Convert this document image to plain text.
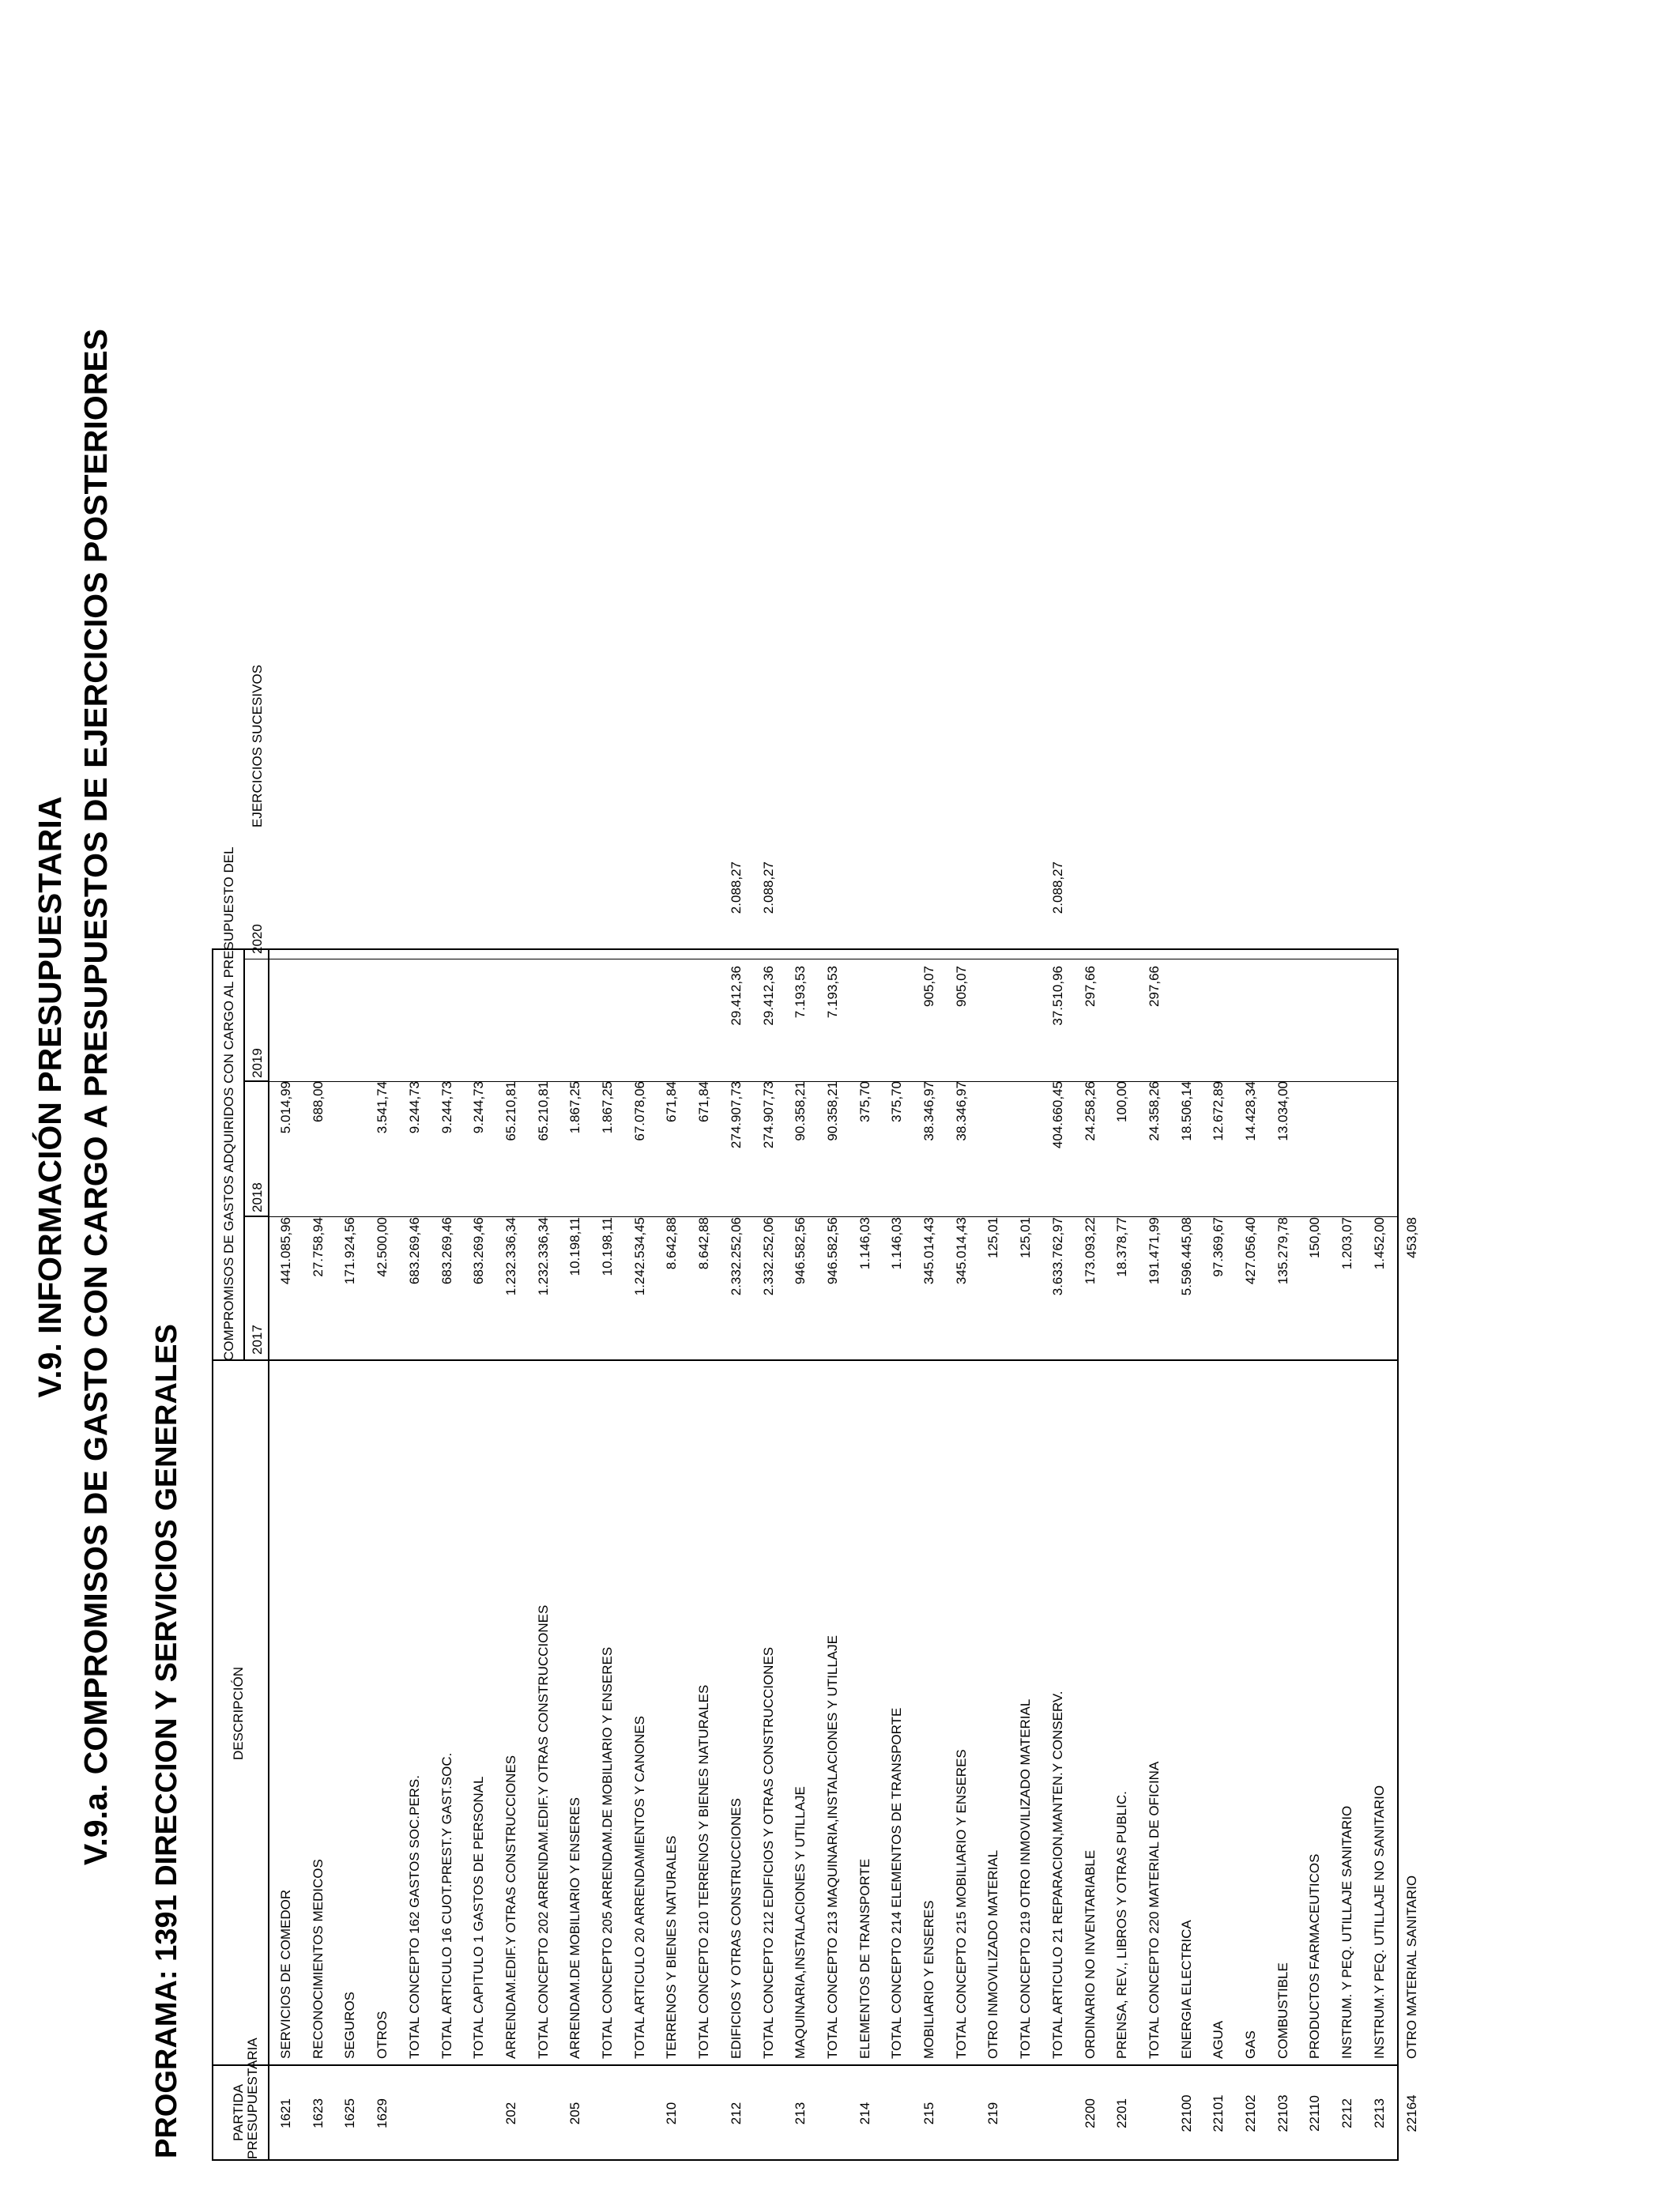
V.9. INFORMACIÓN PRESUPUESTARIA V.9.a. COMPROMISOS DE GASTO CON CARGO A PRESUPUESTOS DE EJERCICIOS POSTERIORES PROGRAMA: 1391 DIRECCION Y SERVICIOS GENERALES	PARTIDA PRESUPUESTARIA
DESCRIPCIÓN
COMPROMISOS DE GASTOS ADQUIRIDOS CON CARGO AL PRESUPUESTO DEL 2017
2018
2019
2020
EJERCICIOS SUCESIVOS
1621
SERVICIOS DE COMEDOR
441.085,96
5.014,99
1623
RECONOCIMIENTOS MEDICOS
27.758,94
688,00
1625
SEGUROS
171.924,56
1629
OTROS
42.500,00
3.541,74
TOTAL CONCEPTO 162 GASTOS SOC.PERS.
683.269,46
9.244,73
TOTAL ARTICULO 16 CUOT.PREST.Y GAST.SOC.
683.269,46
9.244,73
TOTAL CAPITULO 1 GASTOS DE PERSONAL
683.269,46
9.244,73
202
ARRENDAM.EDIF.Y OTRAS CONSTRUCCIONES
1.232.336,34
65.210,81
TOTAL CONCEPTO 202 ARRENDAM.EDIF.Y OTRAS CONSTRUCCIONES
1.232.336,34
65.210,81
205
ARRENDAM.DE MOBILIARIO Y ENSERES
10.198,11
1.867,25
TOTAL CONCEPTO 205 ARRENDAM.DE MOBILIARIO Y ENSERES
10.198,11
1.867,25
TOTAL ARTICULO 20 ARRENDAMIENTOS Y CANONES
1.242.534,45
67.078,06
210
TERRENOS Y BIENES NATURALES
8.642,88
671,84
TOTAL CONCEPTO 210 TERRENOS Y BIENES NATURALES
8.642,88
671,84
212
EDIFICIOS Y OTRAS CONSTRUCCIONES
2.332.252,06
274.907,73
29.412,36
2.088,27
TOTAL CONCEPTO 212 EDIFICIOS Y OTRAS CONSTRUCCIONES
2.332.252,06
274.907,73
29.412,36
2.088,27
213
MAQUINARIA,INSTALACIONES Y UTILLAJE
946.582,56
90.358,21
7.193,53
TOTAL CONCEPTO 213 MAQUINARIA,INSTALACIONES Y UTILLAJE
946.582,56
90.358,21
7.193,53
214
ELEMENTOS DE TRANSPORTE
1.146,03
375,70
TOTAL CONCEPTO 214 ELEMENTOS DE TRANSPORTE
1.146,03
375,70
215
MOBILIARIO Y ENSERES
345.014,43
38.346,97
905,07
TOTAL CONCEPTO 215 MOBILIARIO Y ENSERES
345.014,43
38.346,97
905,07
219
OTRO INMOVILIZADO MATERIAL
125,01
TOTAL CONCEPTO 219 OTRO INMOVILIZADO MATERIAL
125,01
TOTAL ARTICULO 21 REPARACION,MANTEN.Y CONSERV.
3.633.762,97
404.660,45
37.510,96
2.088,27
2200
ORDINARIO NO INVENTARIABLE
173.093,22
24.258,26
297,66
2201
PRENSA, REV., LIBROS Y OTRAS PUBLIC.
18.378,77
100,00
TOTAL CONCEPTO 220 MATERIAL DE OFICINA
191.471,99
24.358,26
297,66
22100
ENERGIA ELECTRICA
5.596.445,08
18.506,14
22101
AGUA
97.369,67
12.672,89
22102
GAS
427.056,40
14.428,34
22103
COMBUSTIBLE
135.279,78
13.034,00
22110
PRODUCTOS FARMACEUTICOS
150,00
2212
INSTRUM. Y PEQ. UTILLAJE SANITARIO
1.203,07
2213
INSTRUM.Y PEQ. UTILLAJE NO SANITARIO
1.452,00
22164
OTRO MATERIAL SANITARIO
453,08
